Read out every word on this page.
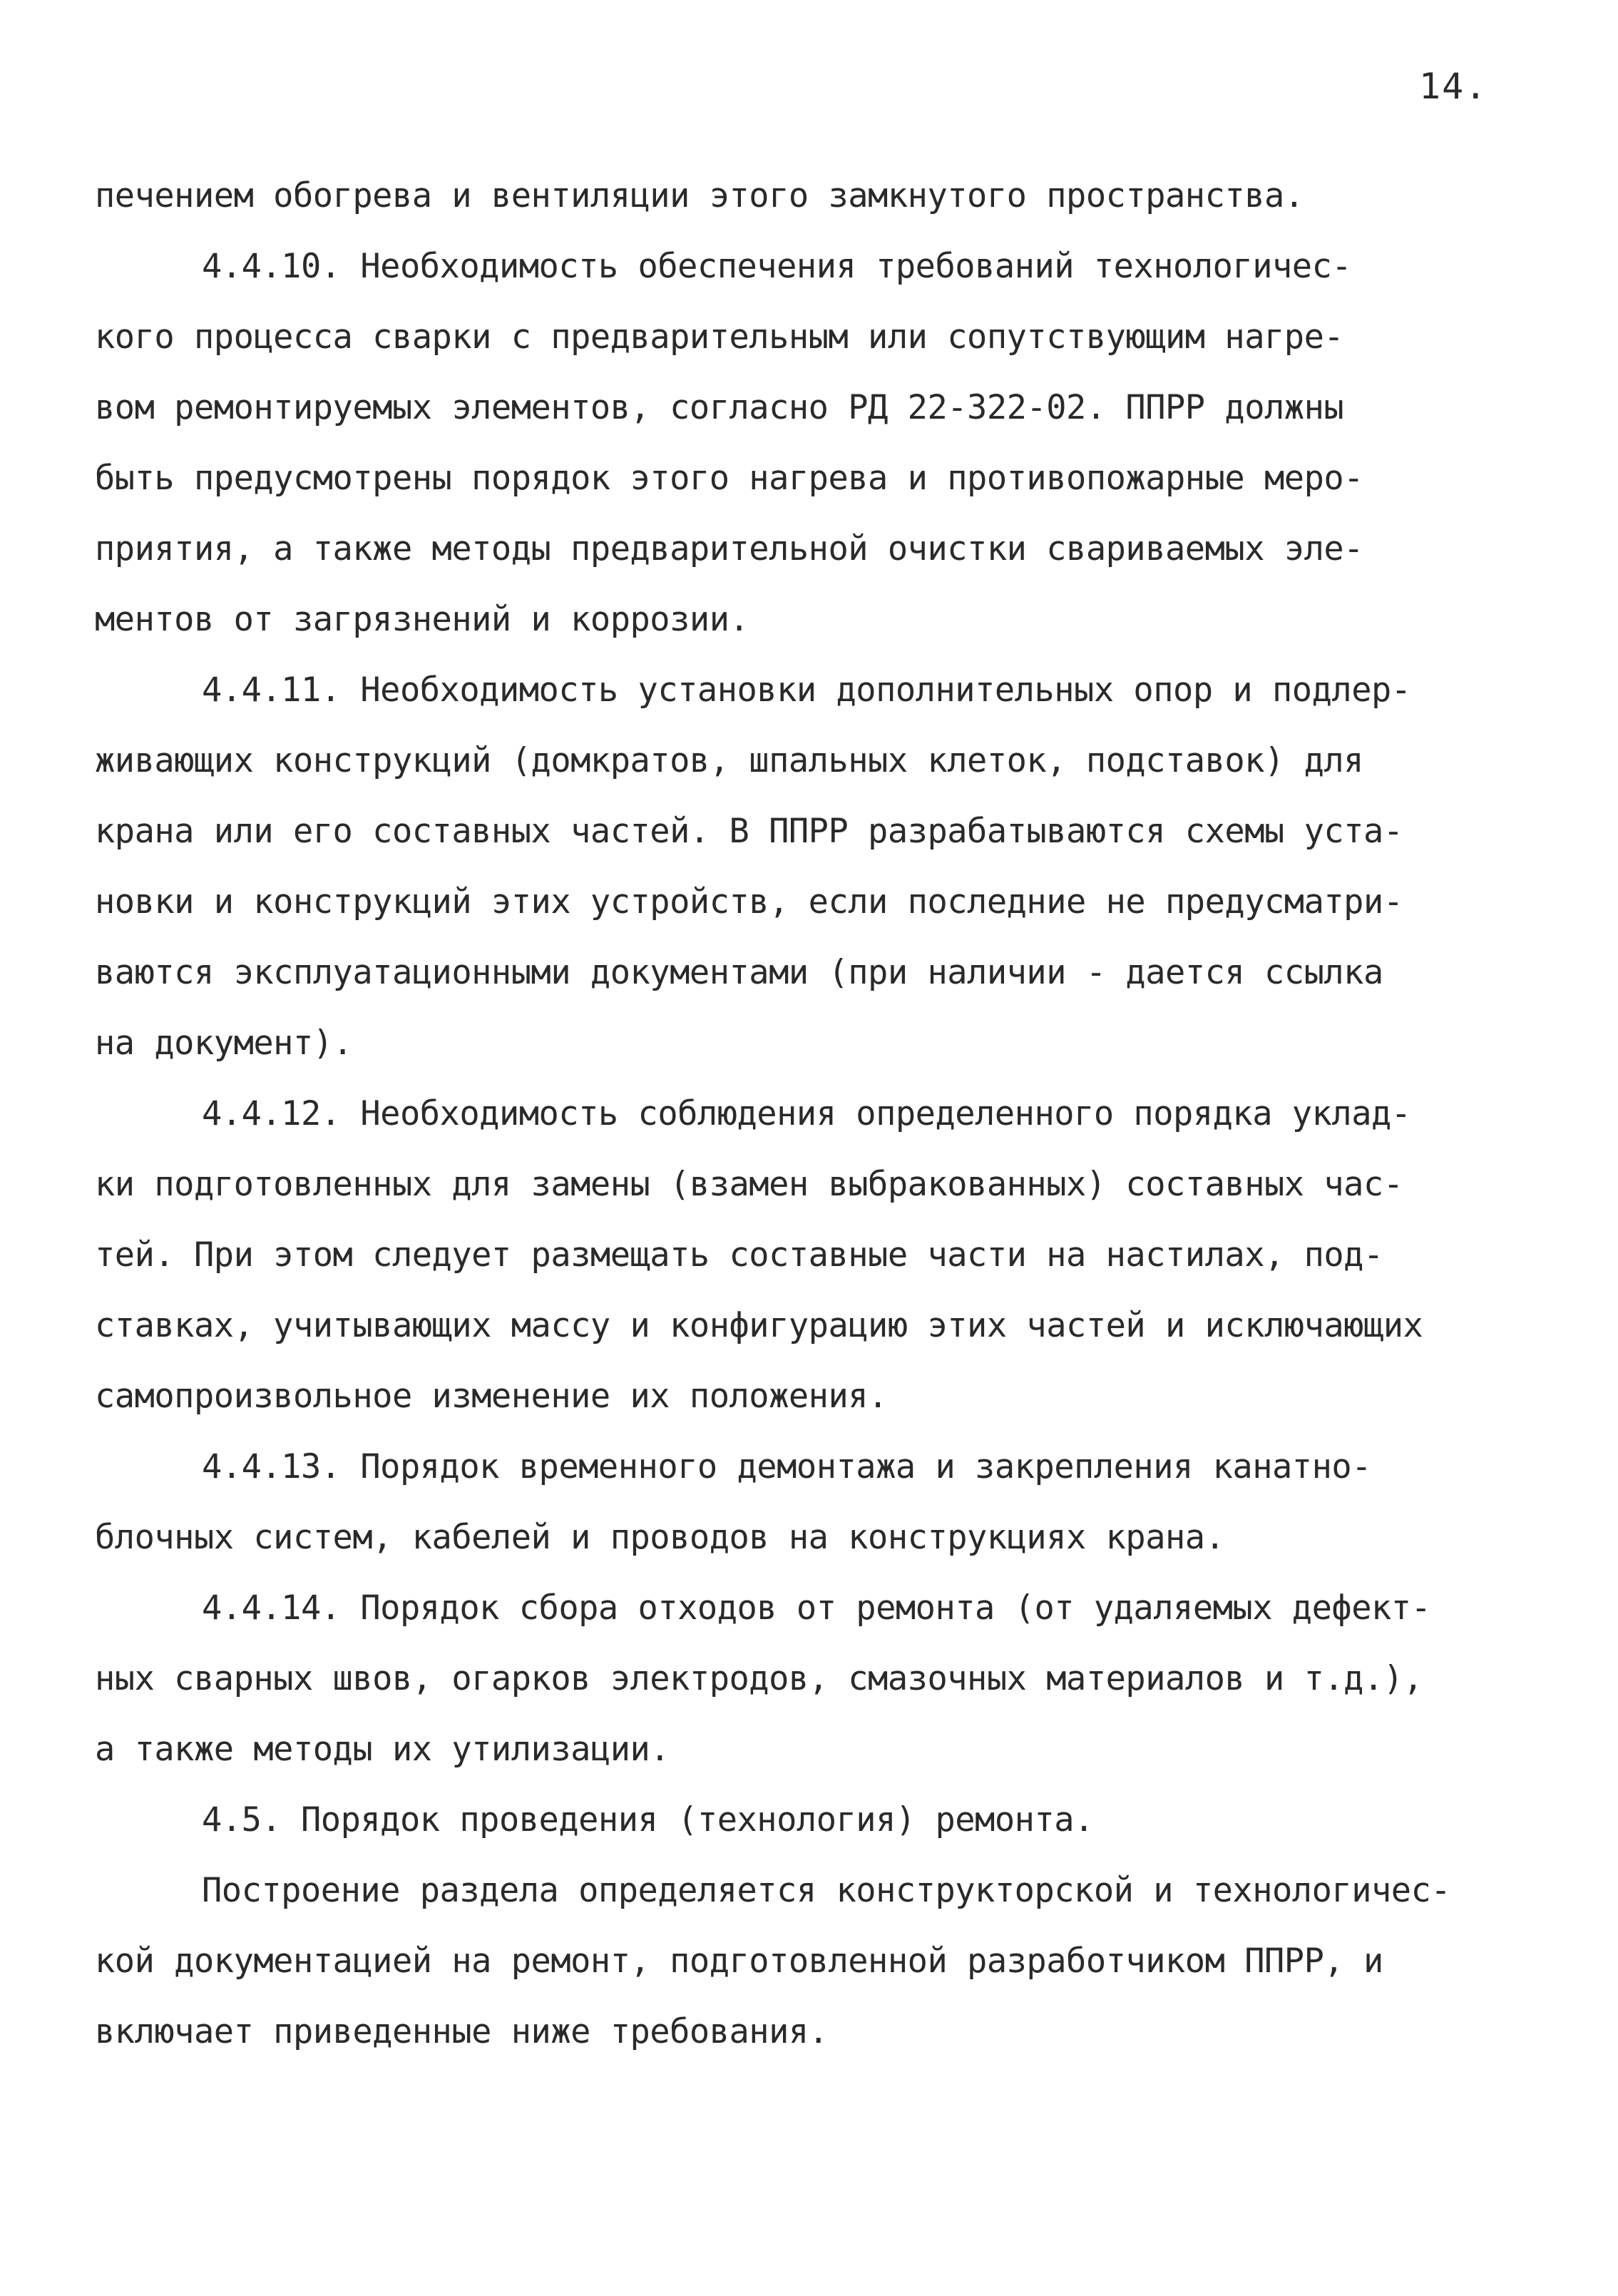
14.
печением обогрева и вентиляции этого замкнутого пространства.
4.4.10. Необходимость обеспечения требований технологичес-
кого процесса сварки с предварительным или сопутствующим нагре-
вом ремонтируемых элементов, согласно РД 22-322-02. ППРР должны
быть предусмотрены порядок этого нагрева и противопожарные меро-
приятия, а также методы предварительной очистки свариваемых эле-
ментов от загрязнений и коррозии.
4.4.11. Необходимость установки дополнительных опор и подлер-
живающих конструкций (домкратов, шпальных клеток, подставок) для
крана или его составных частей. В ППРР разрабатываются схемы уста-
новки и конструкций этих устройств, если последние не предусматри-
ваются эксплуатационными документами (при наличии - дается ссылка
на документ).
4.4.12. Необходимость соблюдения определенного порядка уклад-
ки подготовленных для замены (взамен выбракованных) составных час-
тей. При этом следует размещать составные части на настилах, под-
ставках, учитывающих массу и конфигурацию этих частей и исключающих
самопроизвольное изменение их положения.
4.4.13. Порядок временного демонтажа и закрепления канатно-
блочных систем, кабелей и проводов на конструкциях крана.
4.4.14. Порядок сбора отходов от ремонта (от удаляемых дефект-
ных сварных швов, огарков электродов, смазочных материалов и т.д.),
а также методы их утилизации.
4.5. Порядок проведения (технология) ремонта.
Построение раздела определяется конструкторской и технологичес-
кой документацией на ремонт, подготовленной разработчиком ППРР, и
включает приведенные ниже требования.
